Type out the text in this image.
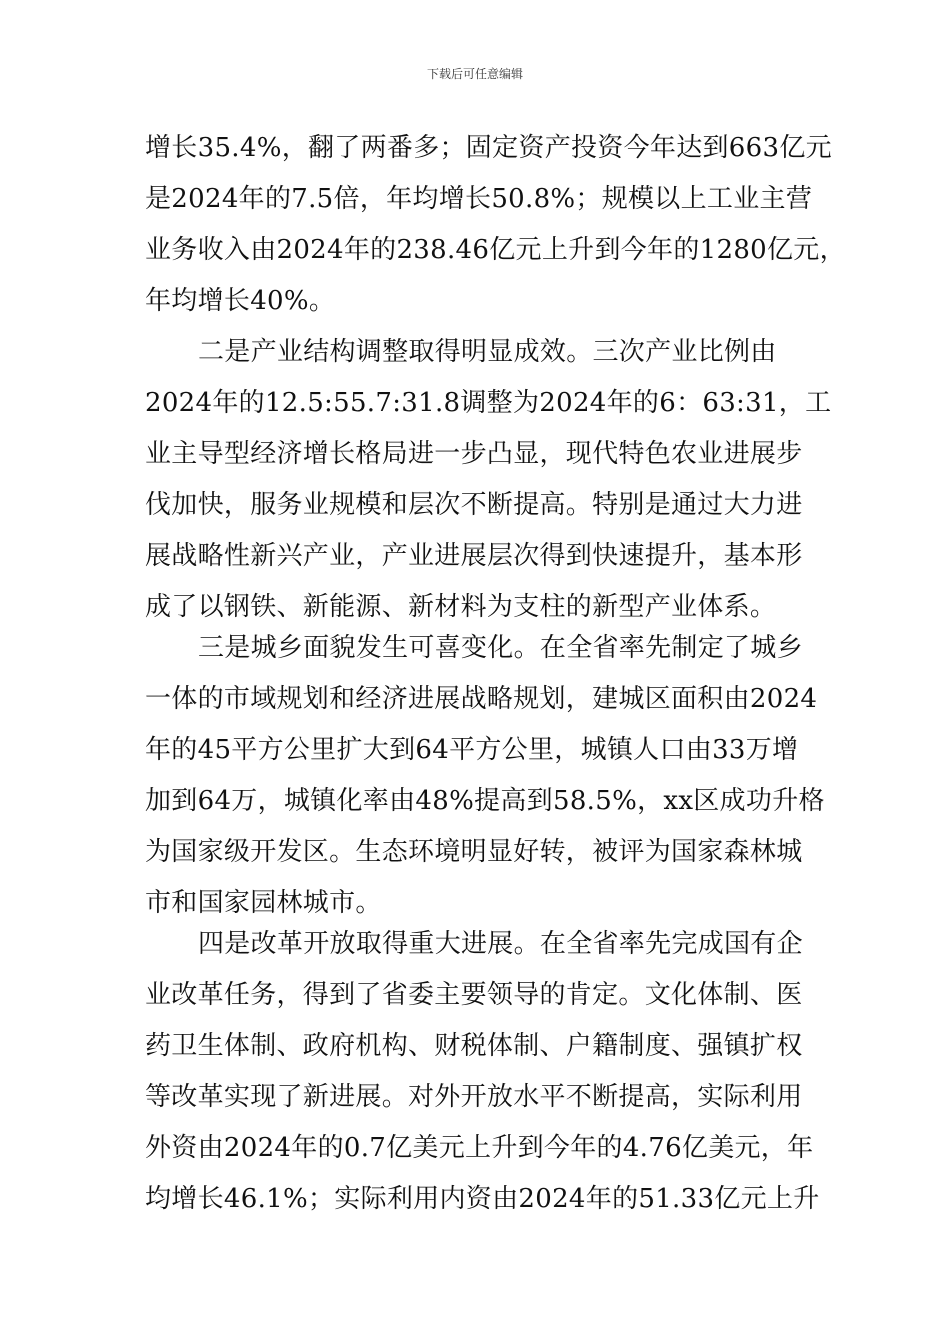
下载后可任意编辑
增长35.4%，翻了两番多；固定资产投资今年达到663亿元
是2024年的7.5倍，年均增长50.8%；规模以上工业主营
业务收入由2024年的238.46亿元上升到今年的1280亿元，
年均增长40%。
二是产业结构调整取得明显成效。三次产业比例由
2024年的12.5:55.7:31.8调整为2024年的6：63:31，工
业主导型经济增长格局进一步凸显，现代特色农业进展步
伐加快，服务业规模和层次不断提高。特别是通过大力进
展战略性新兴产业，产业进展层次得到快速提升，基本形
成了以钢铁、新能源、新材料为支柱的新型产业体系。
三是城乡面貌发生可喜变化。在全省率先制定了城乡
一体的市域规划和经济进展战略规划，建城区面积由2024
年的45平方公里扩大到64平方公里，城镇人口由33万增
加到64万，城镇化率由48%提高到58.5%，xx区成功升格
为国家级开发区。生态环境明显好转，被评为国家森林城
市和国家园林城市。
四是改革开放取得重大进展。在全省率先完成国有企
业改革任务，得到了省委主要领导的肯定。文化体制、医
药卫生体制、政府机构、财税体制、户籍制度、强镇扩权
等改革实现了新进展。对外开放水平不断提高，实际利用
外资由2024年的0.7亿美元上升到今年的4.76亿美元，年
均增长46.1%；实际利用内资由2024年的51.33亿元上升
